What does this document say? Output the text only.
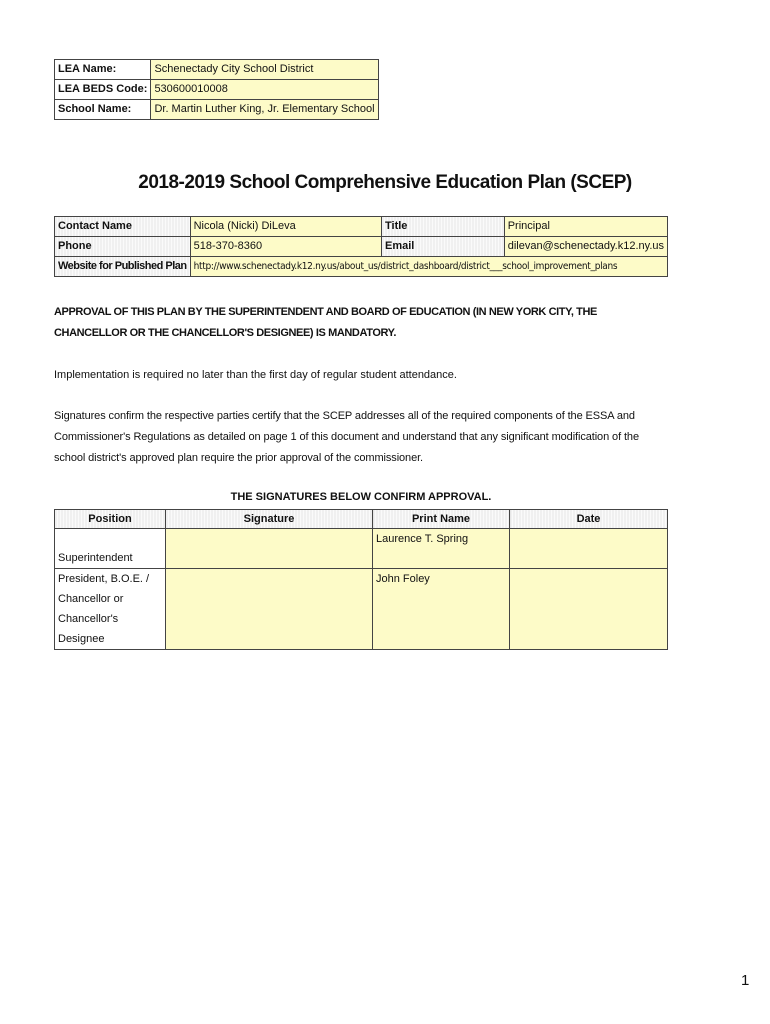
LEA Name:	Schenectady City School District
LEA BEDS Code:	530600010008
School Name:	Dr. Martin Luther King, Jr. Elementary School
2018-2019 School Comprehensive Education Plan (SCEP)
Contact Name	Nicola (Nicki) DiLeva	Title	Principal
Phone	518-370-8360	Email	dilevan@schenectady.k12.ny.us
Website for Published Plan	http://www.schenectady.k12.ny.us/about_us/district_dashboard/district___school_improvement_plans		
APPROVAL OF THIS PLAN BY THE SUPERINTENDENT AND BOARD OF EDUCATION (IN NEW YORK CITY, THE CHANCELLOR OR THE CHANCELLOR'S DESIGNEE) IS MANDATORY.
Implementation is required no later than the first day of regular student attendance.
Signatures confirm the respective parties certify that the SCEP addresses all of the required components of the ESSA and Commissioner's Regulations as detailed on page 1 of this document and understand that any significant modification of the school district's approved plan require the prior approval of the commissioner.
THE SIGNATURES BELOW CONFIRM APPROVAL.
Position	Signature	Print Name	Date
Superintendent		Laurence T. Spring	
President, B.O.E. / Chancellor or Chancellor's Designee		John Foley	
1
